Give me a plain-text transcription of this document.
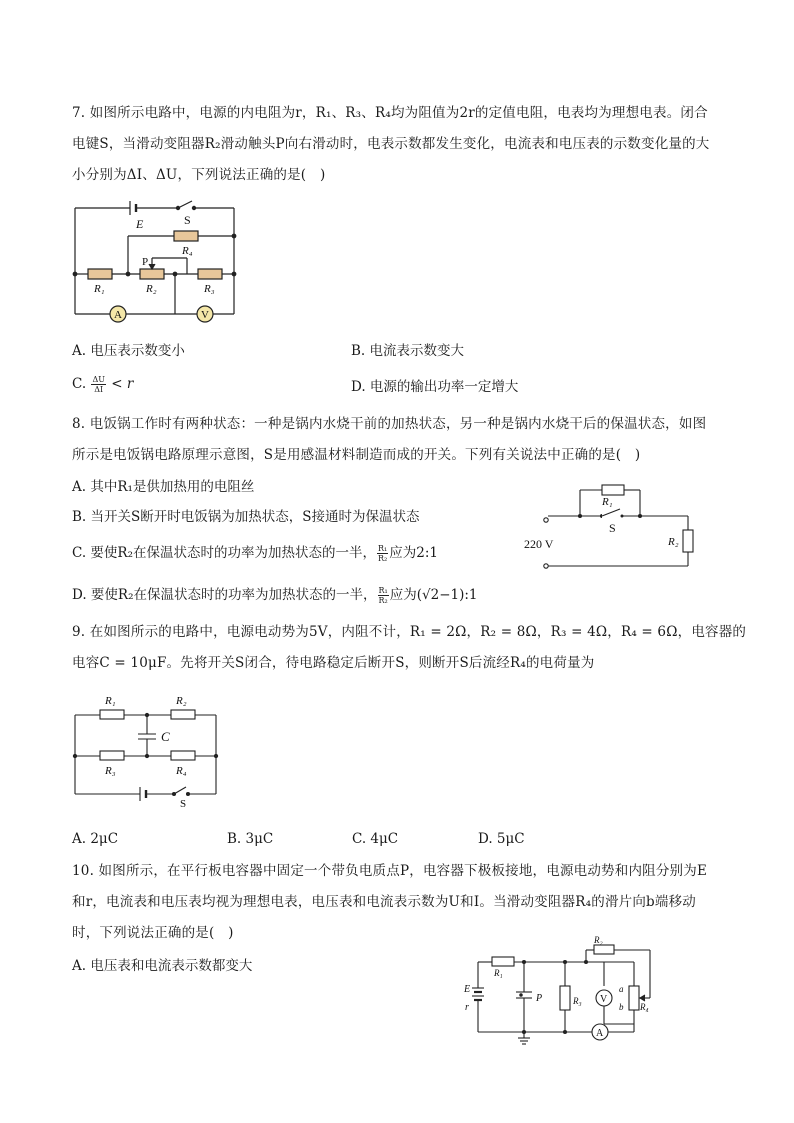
7. 如图所示电路中，电源的内电阻为r，R₁、R₃、R₄均为阻值为2r的定值电阻，电表均为理想电表。闭合
电键S，当滑动变阻器R₂滑动触头P向右滑动时，电表示数都发生变化，电流表和电压表的示数变化量的大
小分别为ΔI、ΔU，下列说法正确的是(　)
E	S
R₄
P
R₁	R₂	R₃
A	V
A. 电压表示数变小	B. 电流表示数变大
C. $\frac{\Delta U}{\Delta I} < r$	D. 电源的输出功率一定增大
8. 电饭锅工作时有两种状态：一种是锅内水烧干前的加热状态，另一种是锅内水烧干后的保温状态，如图
所示是电饭锅电路原理示意图，S是用感温材料制造而成的开关。下列有关说法中正确的是(　)
A. 其中R₁是供加热用的电阻丝
B. 当开关S断开时电饭锅为加热状态，S接通时为保温状态
C. 要使R₂在保温状态时的功率为加热状态的一半， $\frac{\text{R₁}}{\text{R₂}}$ 应为2:1
D. 要使R₂在保温状态时的功率为加热状态的一半， $\frac{\text{R₁}}{\text{R₂}}$ 应为(√2−1):1
R₁
S
220 V	R₂
9. 在如图所示的电路中，电源电动势为5V，内阻不计，R₁ = 2Ω，R₂ = 8Ω，R₃ = 4Ω，R₄ = 6Ω，电容器的
电容C = 10μF。先将开关S闭合，待电路稳定后断开S，则断开S后流经R₄的电荷量为
R₁	R₂
C
R₃	R₄
S
A. 2μC	B. 3μC	C. 4μC	D. 5μC
10. 如图所示，在平行板电容器中固定一个带负电质点P，电容器下极板接地，电源电动势和内阻分别为E
和r，电流表和电压表均视为理想电表，电压表和电流表示数为U和I。当滑动变阻器R₄的滑片向b端移动
时，下列说法正确的是(　)
A. 电压表和电流表示数都变大
R₂
R₁
E
r
P	R₃ V
a
b R₄
A
